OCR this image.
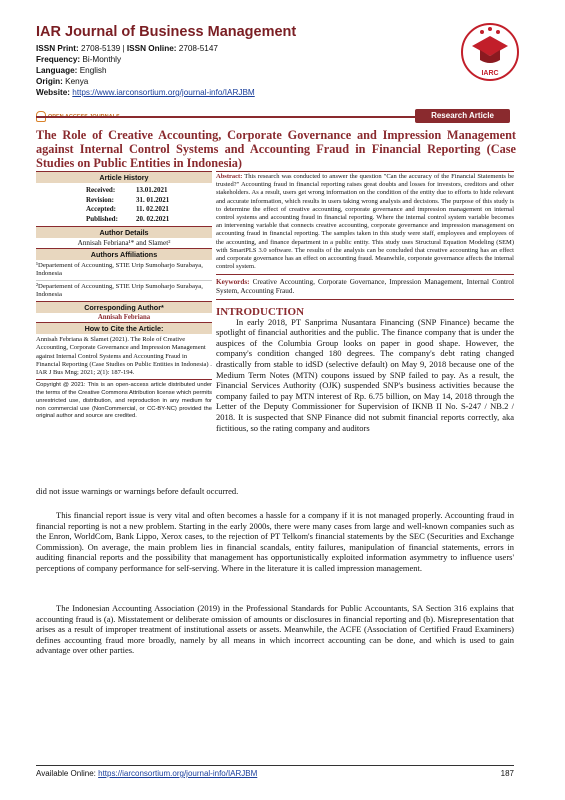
IAR Journal of Business Management
ISSN Print: 2708-5139 | ISSN Online: 2708-5147
Frequency: Bi-Monthly
Language: English
Origin: Kenya
Website: https://www.iarconsortium.org/journal-info/IARJBM
IARC
Research Article
The Role of Creative Accounting, Corporate Governance and Impression Management against Internal Control Systems and Accounting Fraud in Financial Reporting (Case Studies on Public Entities in Indonesia)
Article History
Received:	13.01.2021
Revision:	31. 01.2021
Accepted:	11. 02.2021
Published:	20. 02.2021
Author Details
Annisah Febriana¹* and Slamet²
Authors Affiliations
¹Departement of Accounting, STIE Urip Sumoharjo Surabaya, Indonesia
²Departement of Accounting, STIE Urip Sumoharjo Surabaya, Indonesia
Corresponding Author*
Annisah Febriana
How to Cite the Article:
Annisah Febriana & Slamet (2021). The Role of Creative Accounting, Corporate Governance and Impression Management against Internal Control Systems and Accounting Fraud in Financial Reporting (Case Studies on Public Entities in Indonesia) . IAR J Bus Mng; 2021; 2(1): 187-194.
Copyright @ 2021: This is an open-access article distributed under the terms of the Creative Commons Attribution license which permits unrestricted use, distribution, and reproduction in any medium for non commercial use (NonCommercial, or CC-BY-NC) provided the original author and source are credited.
Abstract: This research was conducted to answer the question "Can the accuracy of the Financial Statements be trusted?" Accounting fraud in financial reporting raises great doubts and losses for investors, creditors and other stakeholders. As a result, users get wrong information on the condition of the entity due to efforts to hide relevant and accurate information, which results in users taking wrong analysis and decisions. The purpose of this study is to determine the effect of creative accounting, corporate governance and impression management on internal control systems and accounting fraud in financial reporting. Where the internal control system variable becomes an intervening variable that connects creative accounting, corporate governance and impression management on accounting fraud in financial reporting. The samples taken in this study were staff, employees and employees of the accounting, and finance department in a public entity. This study uses Structural Equation Modeling (SEM) with SmartPLS 3.0 software. The results of the analysis can be concluded that creative accounting has an effect and corporate governance has an effect on accounting fraud. Meanwhile, corporate governance affects the internal control system.
Keywords: Creative Accounting, Corporate Governance, Impression Management, Internal Control System, Accounting Fraud.
INTRODUCTION
In early 2018, PT Sanprima Nusantara Financing (SNP Finance) became the spotlight of financial authorities and the public. The finance company that is under the auspices of the Columbia Group looks on paper in good shape. However, the company's condition changed 180 degrees. The company's debt rating changed drastically from stable to idSD (selective default) on May 9, 2018 because one of the Medium Term Notes (MTN) coupons issued by SNP failed to pay. As a result, the Financial Services Authority (OJK) suspended SNP's business activities because the company failed to pay MTN interest of Rp. 6.75 billion, on May 14, 2018 through the Letter of the Deputy Commissioner for Supervision of IKNB II No. S-247 / NB.2 / 2018. It is suspected that SNP Finance did not submit financial reports correctly, aka fictitious, so the rating company and auditors
did not issue warnings or warnings before default occurred.
This financial report issue is very vital and often becomes a hassle for a company if it is not managed properly. Accounting fraud in financial reporting is not a new problem. Starting in the early 2000s, there were many cases from large and well-known companies such as the Enron, WorldCom, Bank Lippo, Xerox cases, to the rejection of PT Telkom's financial statements by the SEC (Securities and Exchange Commission). On average, the main problem lies in financial scandals, entity failures, manipulation of financial statements, errors in auditing financial reports and the possibility that management has opportunistically exploited information asymmetry to influence users' perceptions of company performance for self-serving. Where in the literature it is called impression management.
The Indonesian Accounting Association (2019) in the Professional Standards for Public Accountants, SA Section 316 explains that accounting fraud is (a). Misstatement or deliberate omission of amounts or disclosures in financial reporting and (b). Misrepresentation that arises as a result of improper treatment of institutional assets or assets. Meanwhile, the ACFE (Association of Certified Fraud Examiners) defines accounting fraud more broadly, namely by all means in which incorrect accounting can be done, and which is used to gain advantage over other parties.
Available Online: https://iarconsortium.org/journal-info/IARJBM	187
